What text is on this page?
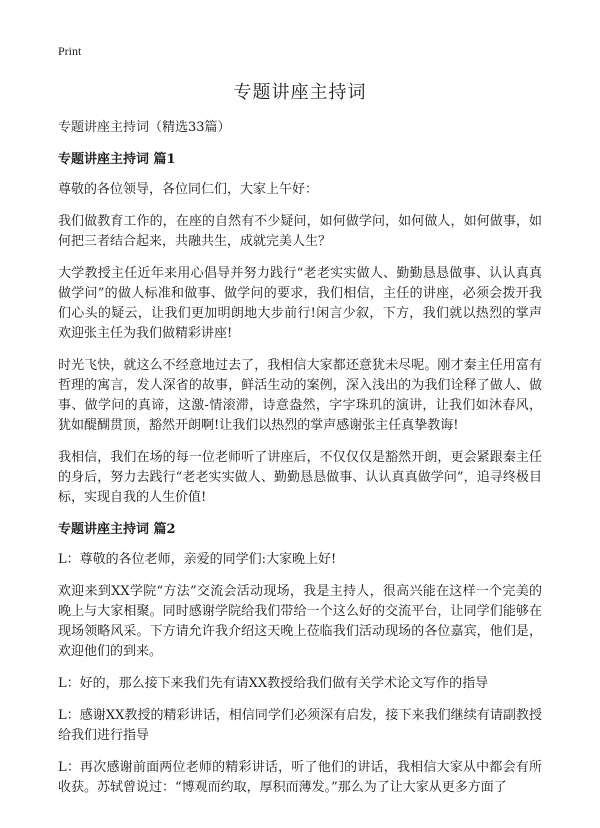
Print
专题讲座主持词

专题讲座主持词（精选33篇）

专题讲座主持词 篇1

尊敬的各位领导，各位同仁们，大家上午好：

我们做教育工作的，在座的自然有不少疑问，如何做学问，如何做人，如何做事，如何把三者结合起来，共融共生，成就完美人生？

大学教授主任近年来用心倡导并努力践行“老老实实做人、勤勤恳恳做事、认认真真做学问”的做人标准和做事、做学问的要求，我们相信，主任的讲座，必须会拨开我们心头的疑云，让我们更加明朗地大步前行!闲言少叙，下方，我们就以热烈的掌声欢迎张主任为我们做精彩讲座!

时光飞快，就这么不经意地过去了，我相信大家都还意犹未尽呢。刚才秦主任用富有哲理的寓言，发人深省的故事，鲜活生动的案例，深入浅出的为我们诠释了做人、做事、做学问的真谛，这激-情滚滞，诗意盎然，字字珠玑的演讲，让我们如沐春风，犹如醍醐贯顶，豁然开朗啊!让我们以热烈的掌声感谢张主任真挚教诲!

我相信，我们在场的每一位老师听了讲座后，不仅仅仅是豁然开朗，更会紧跟秦主任的身后，努力去践行“老老实实做人、勤勤恳恳做事、认认真真做学问”，追寻终极目标，实现自我的人生价值!

专题讲座主持词 篇2

L：尊敬的各位老师，亲爱的同学们:大家晚上好!

欢迎来到XX学院“方法”交流会活动现场，我是主持人，很高兴能在这样一个完美的晚上与大家相聚。同时感谢学院给我们带给一个这么好的交流平台，让同学们能够在现场领略风采。下方请允许我介绍这天晚上莅临我们活动现场的各位嘉宾，他们是，欢迎他们的到来。

L：好的，那么接下来我们先有请XX教授给我们做有关学术论文写作的指导

L：感谢XX教授的精彩讲话，相信同学们必须深有启发，接下来我们继续有请副教授给我们进行指导

L：再次感谢前面两位老师的精彩讲话，听了他们的讲话，我相信大家从中都会有所收获。苏轼曾说过：“博观而约取，厚积而薄发。”那么为了让大家从更多方面了
